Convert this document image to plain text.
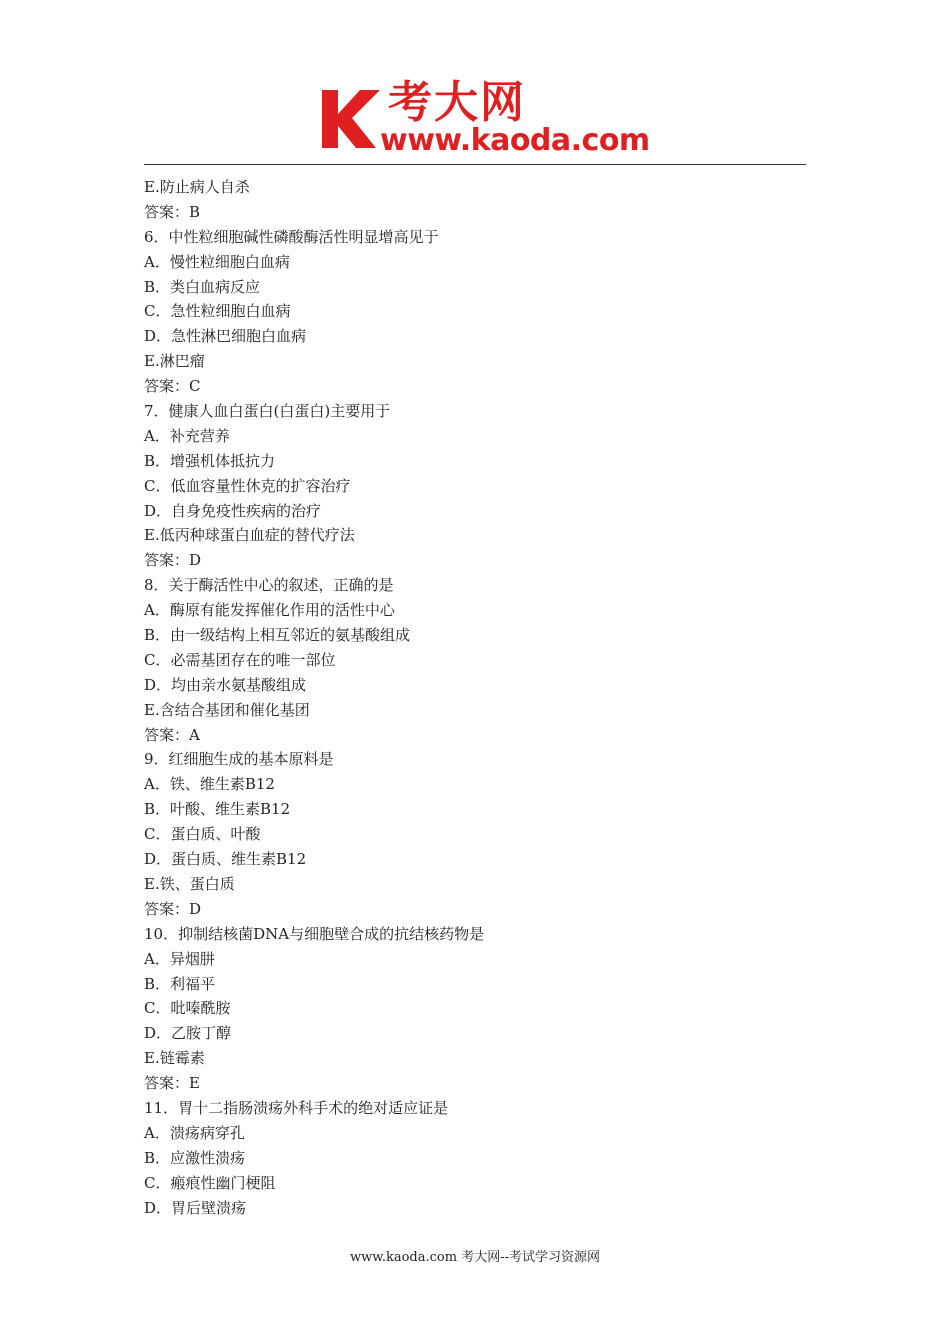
考大网
www.kaoda.com
E.防止病人自杀
答案：B
6．中性粒细胞碱性磷酸酶活性明显增高见于
A．慢性粒细胞白血病
B．类白血病反应
C．急性粒细胞白血病
D．急性淋巴细胞白血病
E.淋巴瘤
答案：C
7．健康人血白蛋白(白蛋白)主要用于
A．补充营养
B．增强机体抵抗力
C．低血容量性休克的扩容治疗
D．自身免疫性疾病的治疗
E.低丙种球蛋白血症的替代疗法
答案：D
8．关于酶活性中心的叙述，正确的是
A．酶原有能发挥催化作用的活性中心
B．由一级结构上相互邻近的氨基酸组成
C．必需基团存在的唯一部位
D．均由亲水氨基酸组成
E.含结合基团和催化基团
答案：A
9．红细胞生成的基本原料是
A．铁、维生素B12
B．叶酸、维生素B12
C．蛋白质、叶酸
D．蛋白质、维生素B12
E.铁、蛋白质
答案：D
10．抑制结核菌DNA与细胞壁合成的抗结核药物是
A．异烟肼
B．利福平
C．吡嗪酰胺
D．乙胺丁醇
E.链霉素
答案：E
11．胃十二指肠溃疡外科手术的绝对适应证是
A．溃疡病穿孔
B．应激性溃疡
C．瘢痕性幽门梗阻
D．胃后壁溃疡
www.kaoda.com 考大网--考试学习资源网
